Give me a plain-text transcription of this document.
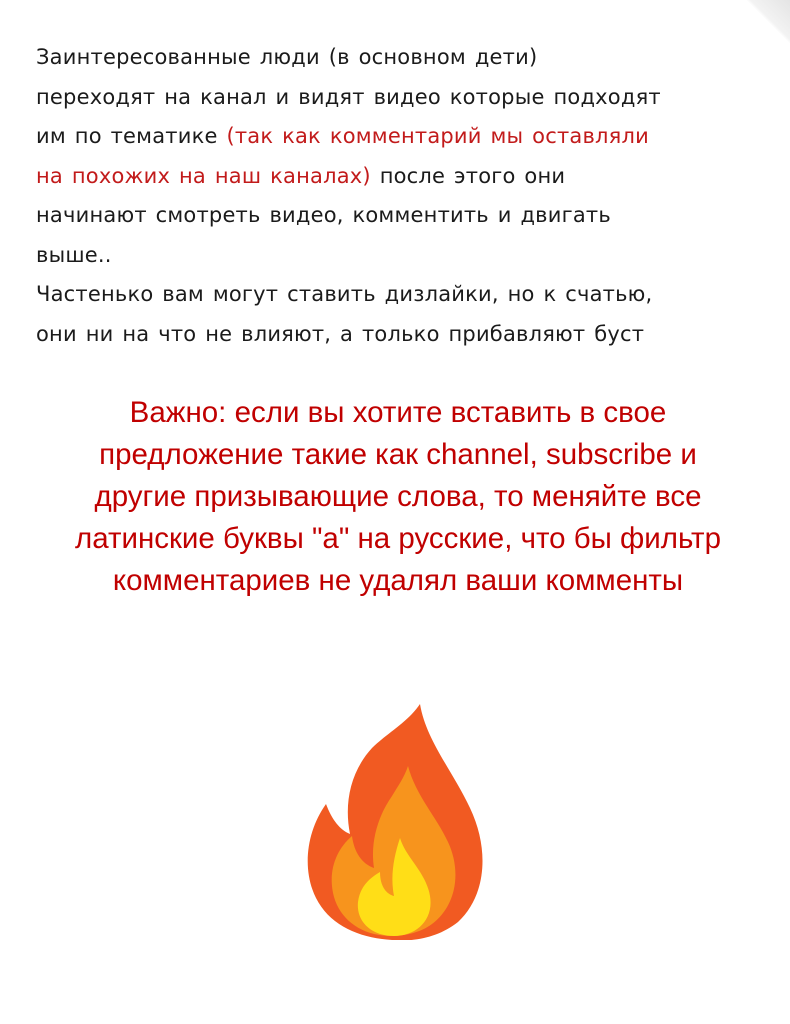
Заинтересованные люди (в основном дети)
переходят на канал и видят видео которые подходят
им по тематике (так как комментарий мы оставляли
на похожих на наш каналах) после этого они
начинают смотреть видео, комментить и двигать
выше..
Частенько вам могут ставить дизлайки, но к счатью,
они ни на что не влияют, а только прибавляют буст
Важно: если вы хотите вставить в свое
предложение такие как channel, subscribe и
другие призывающие слова, то меняйте все
латинские буквы "а" на русские, что бы фильтр
комментариев не удалял ваши комменты
